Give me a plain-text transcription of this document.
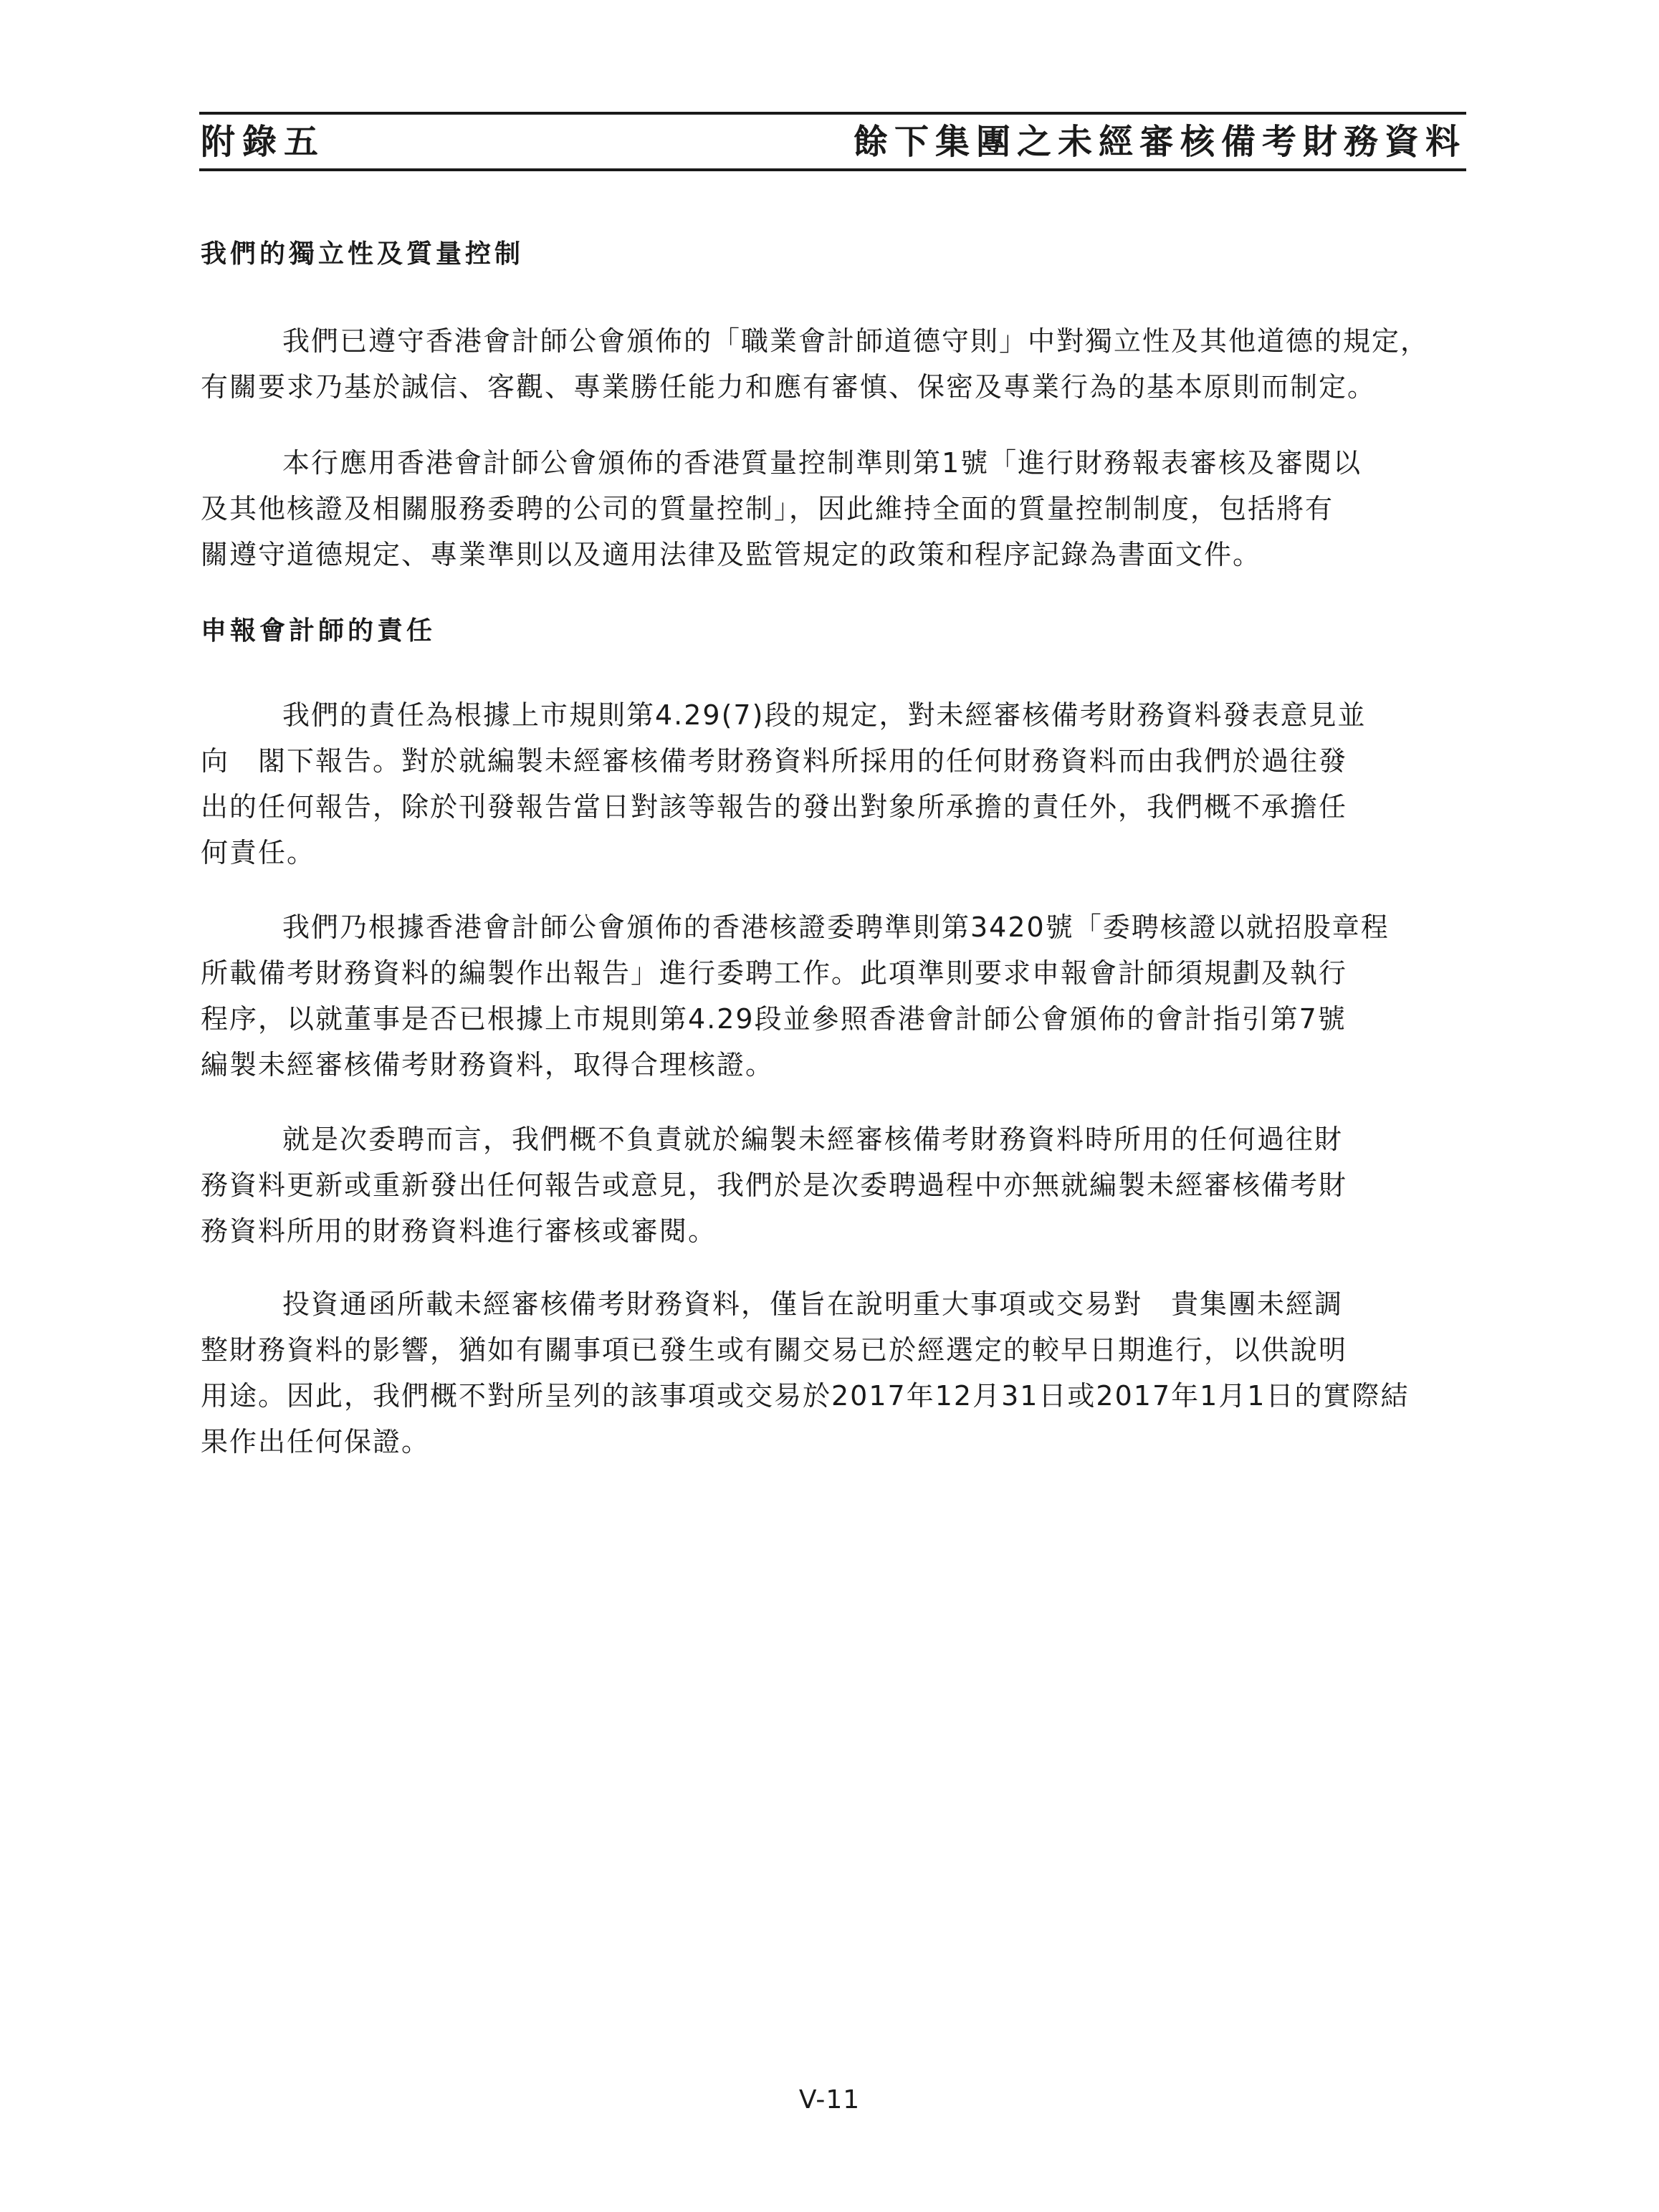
附錄五	餘下集團之未經審核備考財務資料
我們的獨立性及質量控制
我們已遵守香港會計師公會頒佈的「職業會計師道德守則」中對獨立性及其他道德的規定，
有關要求乃基於誠信、客觀、專業勝任能力和應有審慎、保密及專業行為的基本原則而制定。
本行應用香港會計師公會頒佈的香港質量控制準則第1號「進行財務報表審核及審閱以
及其他核證及相關服務委聘的公司的質量控制」，因此維持全面的質量控制制度，包括將有
關遵守道德規定、專業準則以及適用法律及監管規定的政策和程序記錄為書面文件。
申報會計師的責任
我們的責任為根據上市規則第4.29(7)段的規定，對未經審核備考財務資料發表意見並
向　閣下報告。對於就編製未經審核備考財務資料所採用的任何財務資料而由我們於過往發
出的任何報告，除於刊發報告當日對該等報告的發出對象所承擔的責任外，我們概不承擔任
何責任。
我們乃根據香港會計師公會頒佈的香港核證委聘準則第3420號「委聘核證以就招股章程
所載備考財務資料的編製作出報告」進行委聘工作。此項準則要求申報會計師須規劃及執行
程序，以就董事是否已根據上市規則第4.29段並參照香港會計師公會頒佈的會計指引第7號
編製未經審核備考財務資料，取得合理核證。
就是次委聘而言，我們概不負責就於編製未經審核備考財務資料時所用的任何過往財
務資料更新或重新發出任何報告或意見，我們於是次委聘過程中亦無就編製未經審核備考財
務資料所用的財務資料進行審核或審閱。
投資通函所載未經審核備考財務資料，僅旨在說明重大事項或交易對　貴集團未經調
整財務資料的影響，猶如有關事項已發生或有關交易已於經選定的較早日期進行，以供說明
用途。因此，我們概不對所呈列的該事項或交易於2017年12月31日或2017年1月1日的實際結
果作出任何保證。
V-11
